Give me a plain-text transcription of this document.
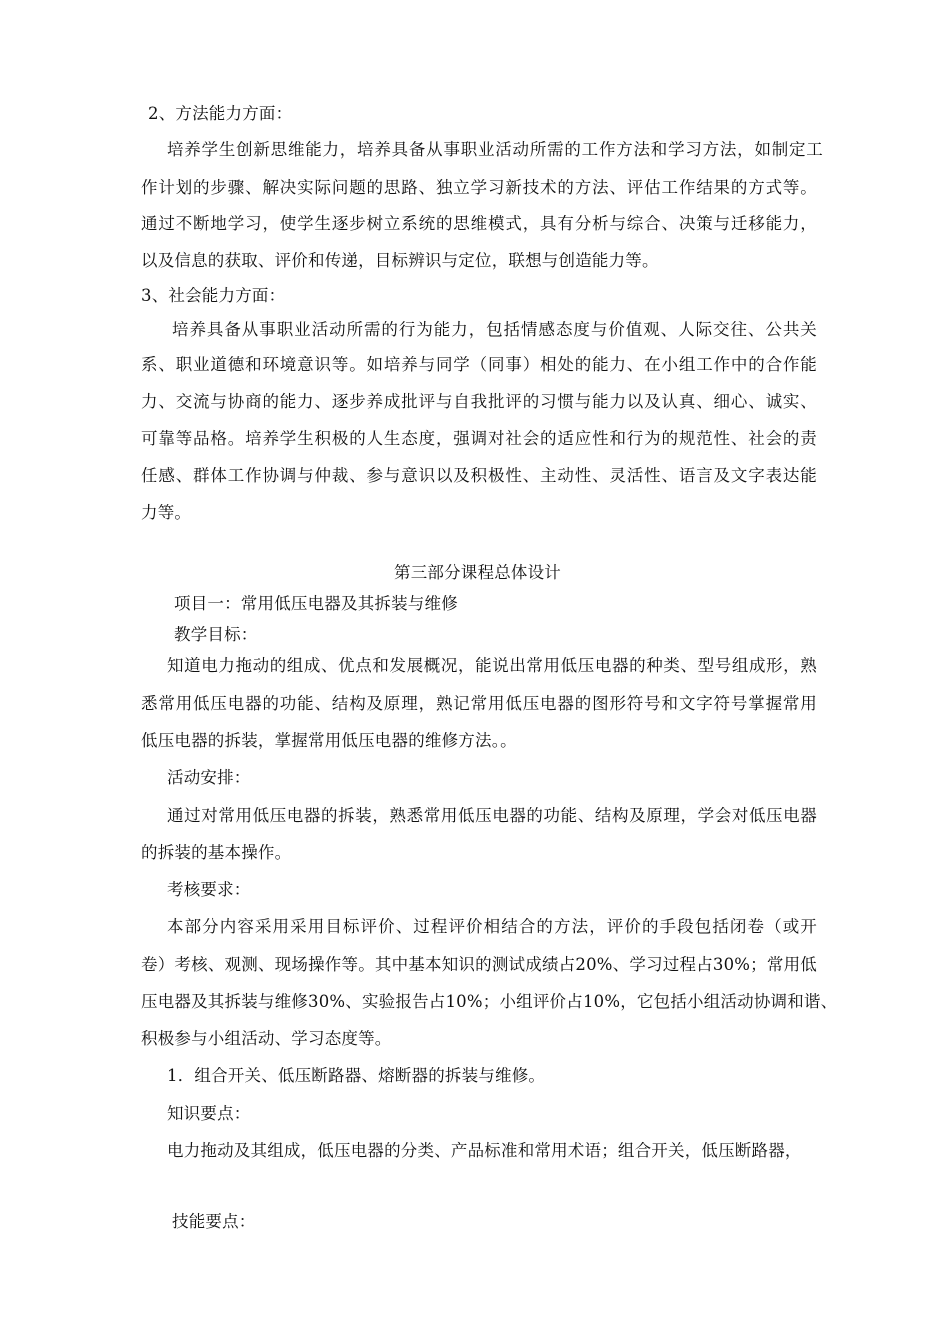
2、方法能力方面：
培养学生创新思维能力，培养具备从事职业活动所需的工作方法和学习方法，如制定工
作计划的步骤、解决实际问题的思路、独立学习新技术的方法、评估工作结果的方式等。
通过不断地学习，使学生逐步树立系统的思维模式，具有分析与综合、决策与迁移能力，
以及信息的获取、评价和传递，目标辨识与定位，联想与创造能力等。
3、社会能力方面：
培养具备从事职业活动所需的行为能力，包括情感态度与价值观、人际交往、公共关
系、职业道德和环境意识等。如培养与同学（同事）相处的能力、在小组工作中的合作能
力、交流与协商的能力、逐步养成批评与自我批评的习惯与能力以及认真、细心、诚实、
可靠等品格。培养学生积极的人生态度，强调对社会的适应性和行为的规范性、社会的责
任感、群体工作协调与仲裁、参与意识以及积极性、主动性、灵活性、语言及文字表达能
力等。
第三部分课程总体设计
项目一：常用低压电器及其拆装与维修
教学目标：
知道电力拖动的组成、优点和发展概况，能说出常用低压电器的种类、型号组成形，熟
悉常用低压电器的功能、结构及原理，熟记常用低压电器的图形符号和文字符号掌握常用
低压电器的拆装，掌握常用低压电器的维修方法。。
活动安排：
通过对常用低压电器的拆装，熟悉常用低压电器的功能、结构及原理，学会对低压电器
的拆装的基本操作。
考核要求：
本部分内容采用采用目标评价、过程评价相结合的方法，评价的手段包括闭卷（或开
卷）考核、观测、现场操作等。其中基本知识的测试成绩占20%、学习过程占30%；常用低
压电器及其拆装与维修30%、实验报告占10%；小组评价占10%，它包括小组活动协调和谐、
积极参与小组活动、学习态度等。
1．组合开关、低压断路器、熔断器的拆装与维修。
知识要点：
电力拖动及其组成，低压电器的分类、产品标准和常用术语；组合开关，低压断路器，
技能要点：
